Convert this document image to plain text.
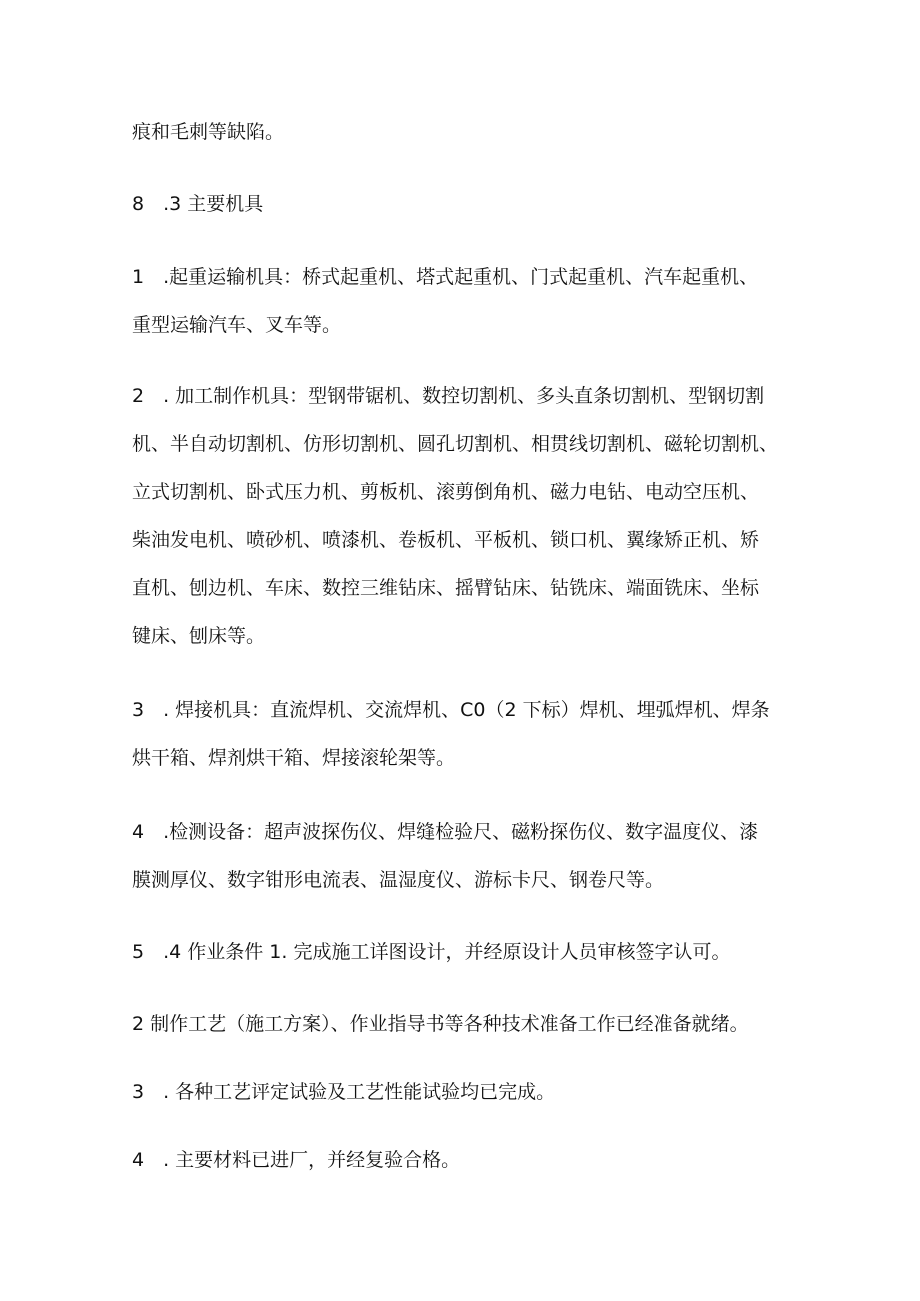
痕和毛刺等缺陷。

8　.3 主要机具

1　.起重运输机具：桥式起重机、塔式起重机、门式起重机、汽车起重机、
重型运输汽车、叉车等。

2　. 加工制作机具：型钢带锯机、数控切割机、多头直条切割机、型钢切割
机、半自动切割机、仿形切割机、圆孔切割机、相贯线切割机、磁轮切割机、
立式切割机、卧式压力机、剪板机、滚剪倒角机、磁力电钻、电动空压机、
柴油发电机、喷砂机、喷漆机、卷板机、平板机、锁口机、翼缘矫正机、矫
直机、刨边机、车床、数控三维钻床、摇臂钻床、钻铣床、端面铣床、坐标
键床、刨床等。

3　. 焊接机具：直流焊机、交流焊机、C0（2 下标）焊机、埋弧焊机、焊条
烘干箱、焊剂烘干箱、焊接滚轮架等。

4　.检测设备：超声波探伤仪、焊缝检验尺、磁粉探伤仪、数字温度仪、漆
膜测厚仪、数字钳形电流表、温湿度仪、游标卡尺、钢卷尺等。

5　.4 作业条件 1. 完成施工详图设计，并经原设计人员审核签字认可。

2 制作工艺（施工方案）、作业指导书等各种技术准备工作已经准备就绪。

3　. 各种工艺评定试验及工艺性能试验均已完成。

4　. 主要材料已进厂，并经复验合格。
